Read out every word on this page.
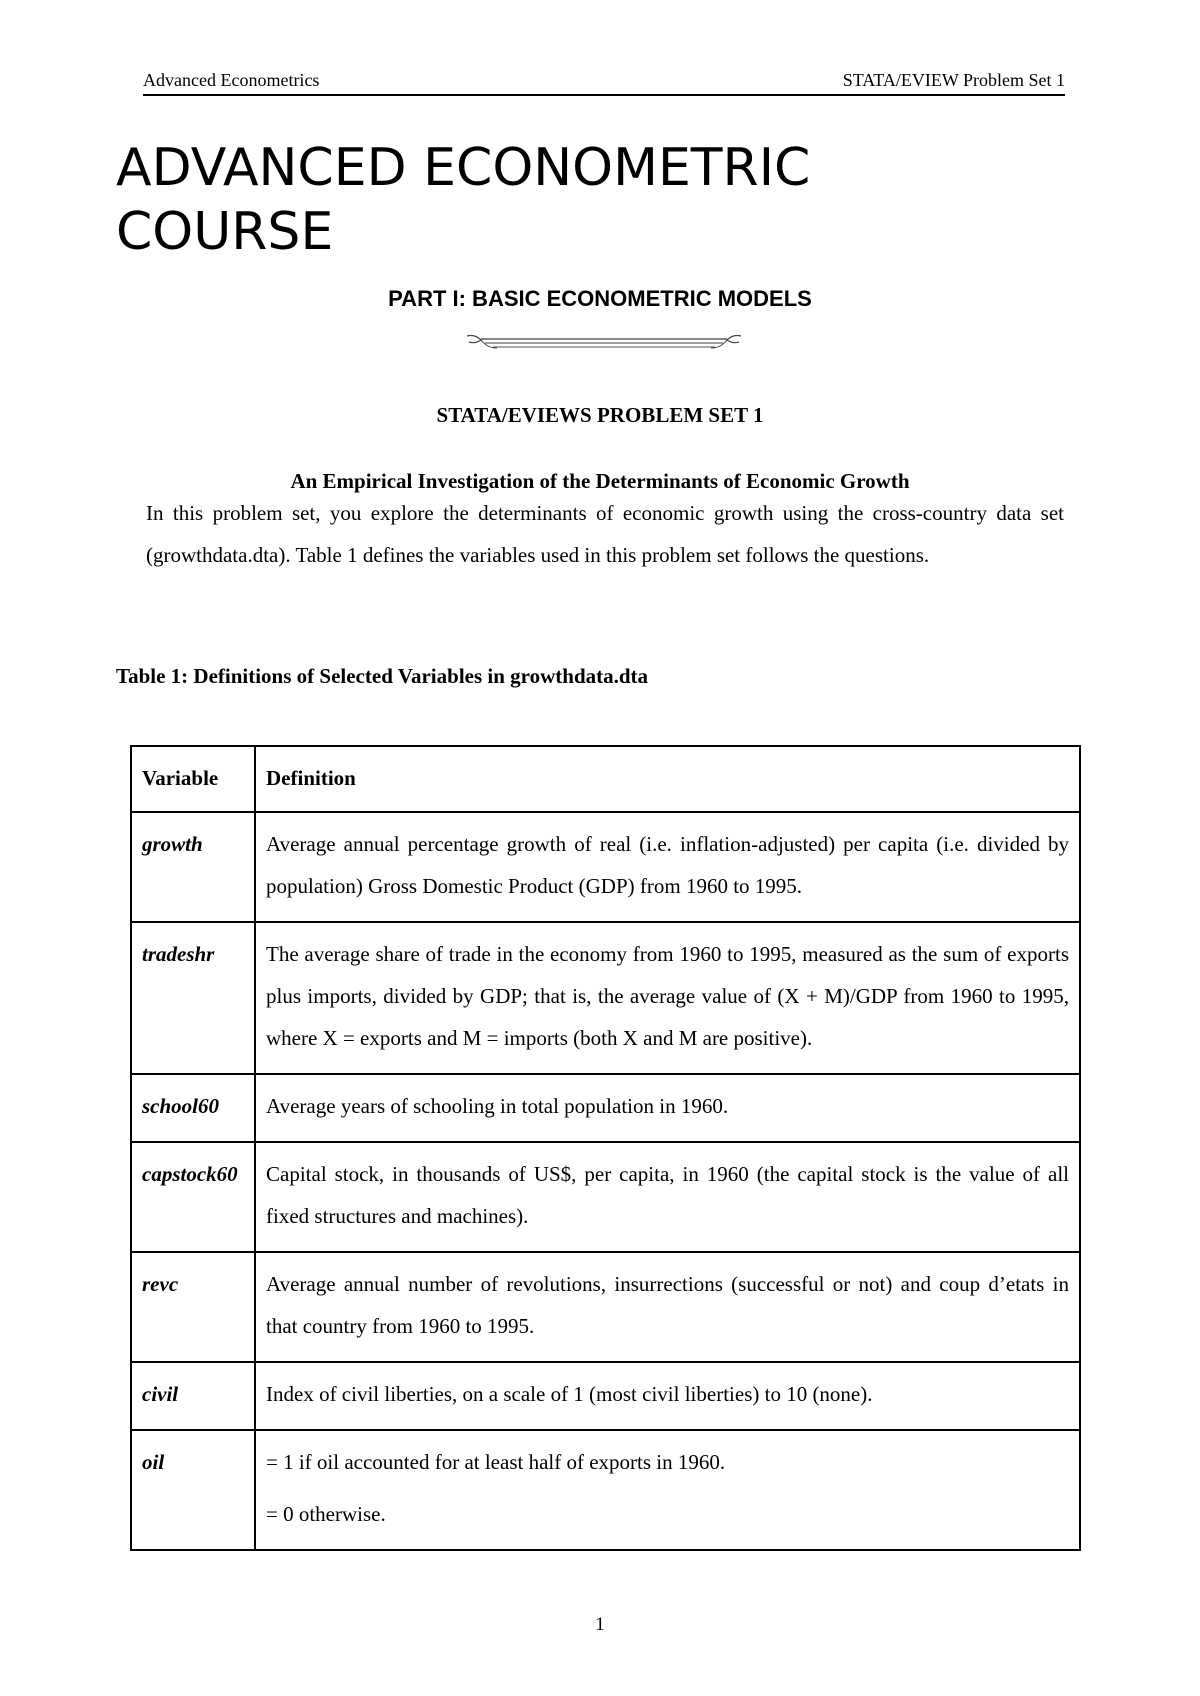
Advanced Econometrics	STATA/EVIEW Problem Set 1
ADVANCED ECONOMETRIC COURSE
PART I: BASIC ECONOMETRIC MODELS
STATA/EVIEWS PROBLEM SET 1
An Empirical Investigation of the Determinants of Economic Growth

In this problem set, you explore the determinants of economic growth using the cross-country data set (growthdata.dta). Table 1 defines the variables used in this problem set follows the questions.

Table 1: Definitions of Selected Variables in growthdata.dta

Variable	Definition
growth	Average annual percentage growth of real (i.e. inflation-adjusted) per capita (i.e. divided by population) Gross Domestic Product (GDP) from 1960 to 1995.
tradeshr	The average share of trade in the economy from 1960 to 1995, measured as the sum of exports plus imports, divided by GDP; that is, the average value of (X + M)/GDP from 1960 to 1995, where X = exports and M = imports (both X and M are positive).
school60	Average years of schooling in total population in 1960.
capstock60	Capital stock, in thousands of US$, per capita, in 1960 (the capital stock is the value of all fixed structures and machines).
revc	Average annual number of revolutions, insurrections (successful or not) and coup d’etats in that country from 1960 to 1995.
civil	Index of civil liberties, on a scale of 1 (most civil liberties) to 10 (none).
oil	= 1 if oil accounted for at least half of exports in 1960.
= 0 otherwise.
1
